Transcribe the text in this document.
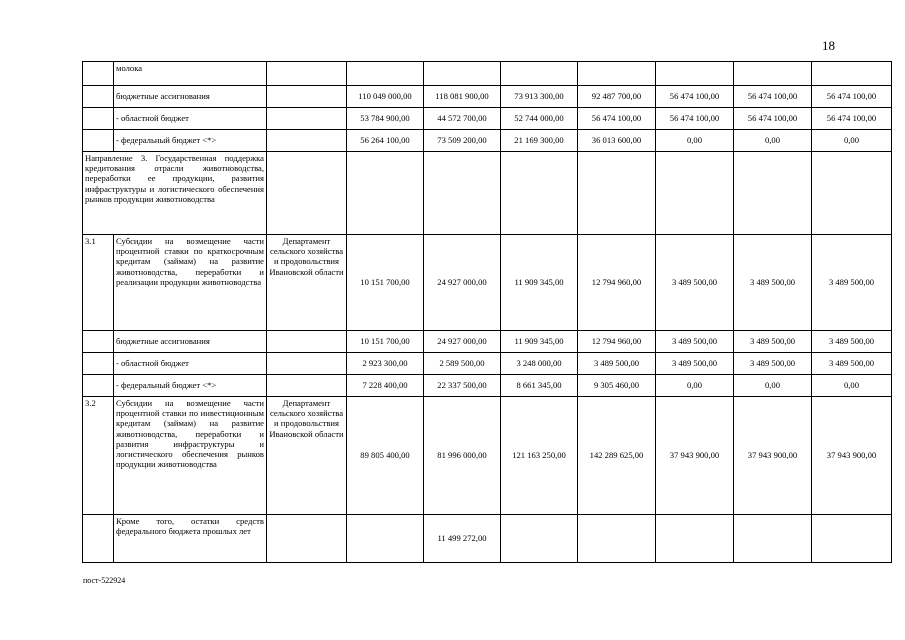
18
	молока								
	бюджетные ассигнования		110 049 000,00	118 081 900,00	73 913 300,00	92 487 700,00	56 474 100,00	56 474 100,00	56 474 100,00
	- областной бюджет		53 784 900,00	44 572 700,00	52 744 000,00	56 474 100,00	56 474 100,00	56 474 100,00	56 474 100,00
	- федеральный бюджет <*>		56 264 100,00	73 509 200,00	21 169 300,00	36 013 600,00	0,00	0,00	0,00
Направление 3. Государственная поддержка кредитования отрасли животноводства, переработки ее продукции, развития инфраструктуры и логистического обеспечения рынков продукции животноводства									
3.1	Субсидии на возмещение части процентной ставки по краткосрочным кредитам (займам) на развитие животноводства, переработки и реализации продукции животноводства	Департамент сельского хозяйства и продовольствия Ивановской области	10 151 700,00	24 927 000,00	11 909 345,00	12 794 960,00	3 489 500,00	3 489 500,00	3 489 500,00
	бюджетные ассигнования		10 151 700,00	24 927 000,00	11 909 345,00	12 794 960,00	3 489 500,00	3 489 500,00	3 489 500,00
	- областной бюджет		2 923 300,00	2 589 500,00	3 248 000,00	3 489 500,00	3 489 500,00	3 489 500,00	3 489 500,00
	- федеральный бюджет <*>		7 228 400,00	22 337 500,00	8 661 345,00	9 305 460,00	0,00	0,00	0,00
3.2	Субсидии на возмещение части процентной ставки по инвестиционным кредитам (займам) на развитие животноводства, переработки и развития инфраструктуры и логистического обеспечения рынков продукции животноводства	Департамент сельского хозяйства и продовольствия Ивановской области	89 805 400,00	81 996 000,00	121 163 250,00	142 289 625,00	37 943 900,00	37 943 900,00	37 943 900,00
	Кроме того, остатки средств федерального бюджета прошлых лет			11 499 272,00					
пост-522924
